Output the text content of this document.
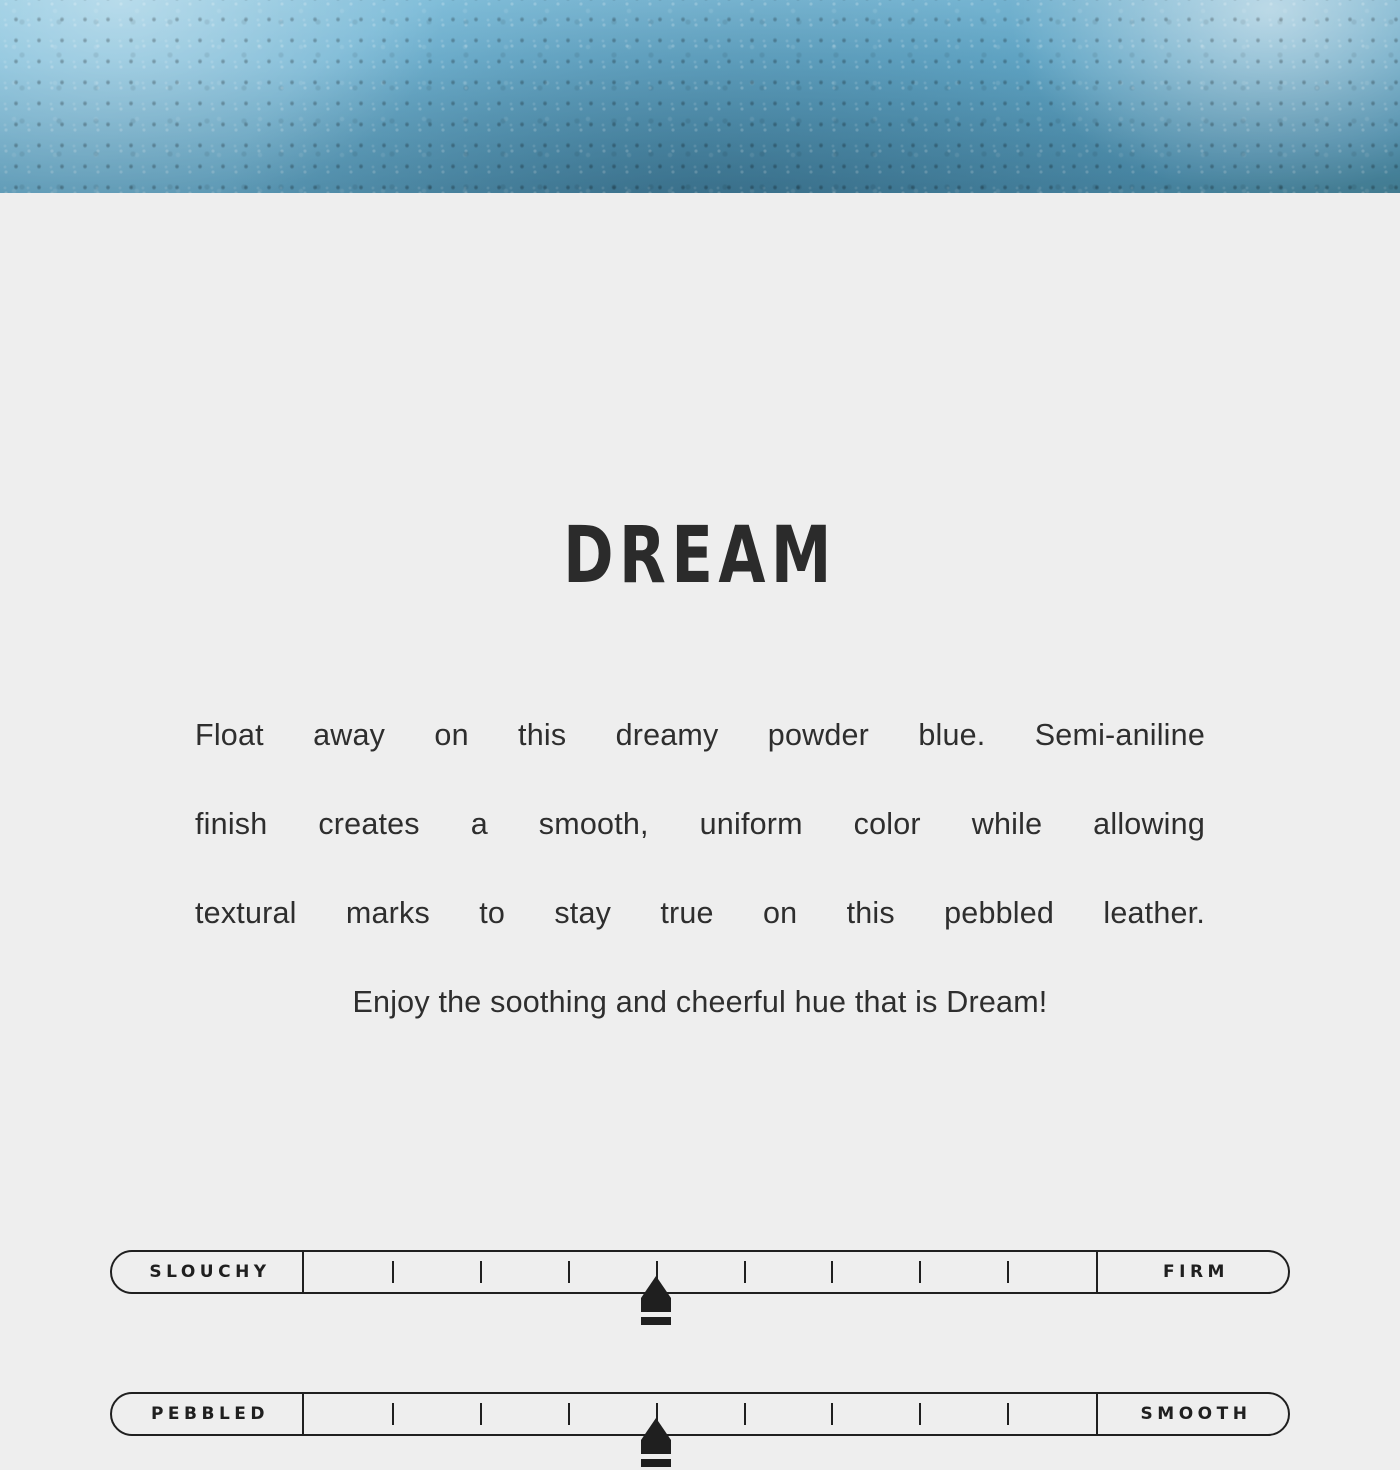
DREAM
Float away on this dreamy powder blue. Semi-aniline
finish creates a smooth, uniform color while allowing
textural marks to stay true on this pebbled leather.
Enjoy the soothing and cheerful hue that is Dream!
SLOUCHY	FIRM
PEBBLED	SMOOTH
